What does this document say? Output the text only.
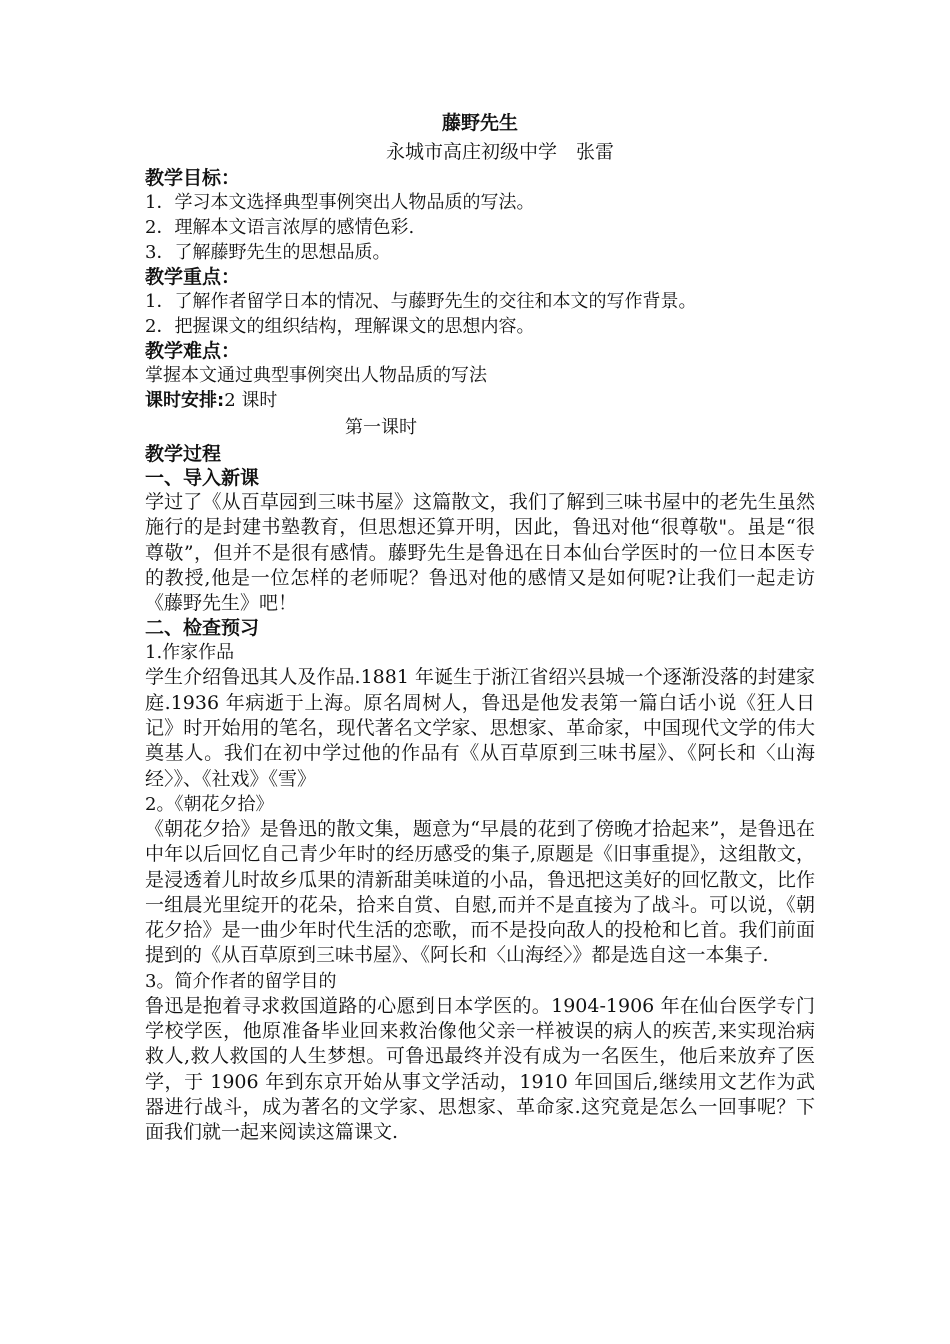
藤野先生
永城市高庄初级中学　张雷
教学目标：
1．学习本文选择典型事例突出人物品质的写法。
2．理解本文语言浓厚的感情色彩.
3．了解藤野先生的思想品质。
教学重点：
1．了解作者留学日本的情况、与藤野先生的交往和本文的写作背景。
2．把握课文的组织结构，理解课文的思想内容。
教学难点：
掌握本文通过典型事例突出人物品质的写法
课时安排:2 课时
第一课时
教学过程
一、导入新课
学过了《从百草园到三味书屋》这篇散文，我们了解到三味书屋中的老先生虽然施行的是封建书塾教育，但思想还算开明，因此，鲁迅对他“很尊敬"。虽是“很尊敬”，但并不是很有感情。藤野先生是鲁迅在日本仙台学医时的一位日本医专的教授,他是一位怎样的老师呢？鲁迅对他的感情又是如何呢?让我们一起走访《藤野先生》吧！
二、检查预习
1.作家作品
学生介绍鲁迅其人及作品.1881 年诞生于浙江省绍兴县城一个逐渐没落的封建家庭.1936 年病逝于上海。原名周树人，鲁迅是他发表第一篇白话小说《狂人日记》时开始用的笔名，现代著名文学家、思想家、革命家，中国现代文学的伟大奠基人。我们在初中学过他的作品有《从百草原到三味书屋》、《阿长和〈山海经〉》、《社戏》《雪》
2。《朝花夕拾》
《朝花夕拾》是鲁迅的散文集，题意为“早晨的花到了傍晚才拾起来”，是鲁迅在中年以后回忆自己青少年时的经历感受的集子,原题是《旧事重提》，这组散文，是浸透着儿时故乡瓜果的清新甜美味道的小品，鲁迅把这美好的回忆散文，比作一组晨光里绽开的花朵，拾来自赏、自慰,而并不是直接为了战斗。可以说，《朝花夕拾》是一曲少年时代生活的恋歌，而不是投向敌人的投枪和匕首。我们前面提到的《从百草原到三味书屋》、《阿长和〈山海经〉》都是选自这一本集子.
3。简介作者的留学目的
鲁迅是抱着寻求救国道路的心愿到日本学医的。1904-1906 年在仙台医学专门学校学医，他原准备毕业回来救治像他父亲一样被误的病人的疾苦,来实现治病救人,救人救国的人生梦想。可鲁迅最终并没有成为一名医生，他后来放弃了医学，于 1906 年到东京开始从事文学活动，1910 年回国后,继续用文艺作为武器进行战斗，成为著名的文学家、思想家、革命家.这究竟是怎么一回事呢？下面我们就一起来阅读这篇课文.
